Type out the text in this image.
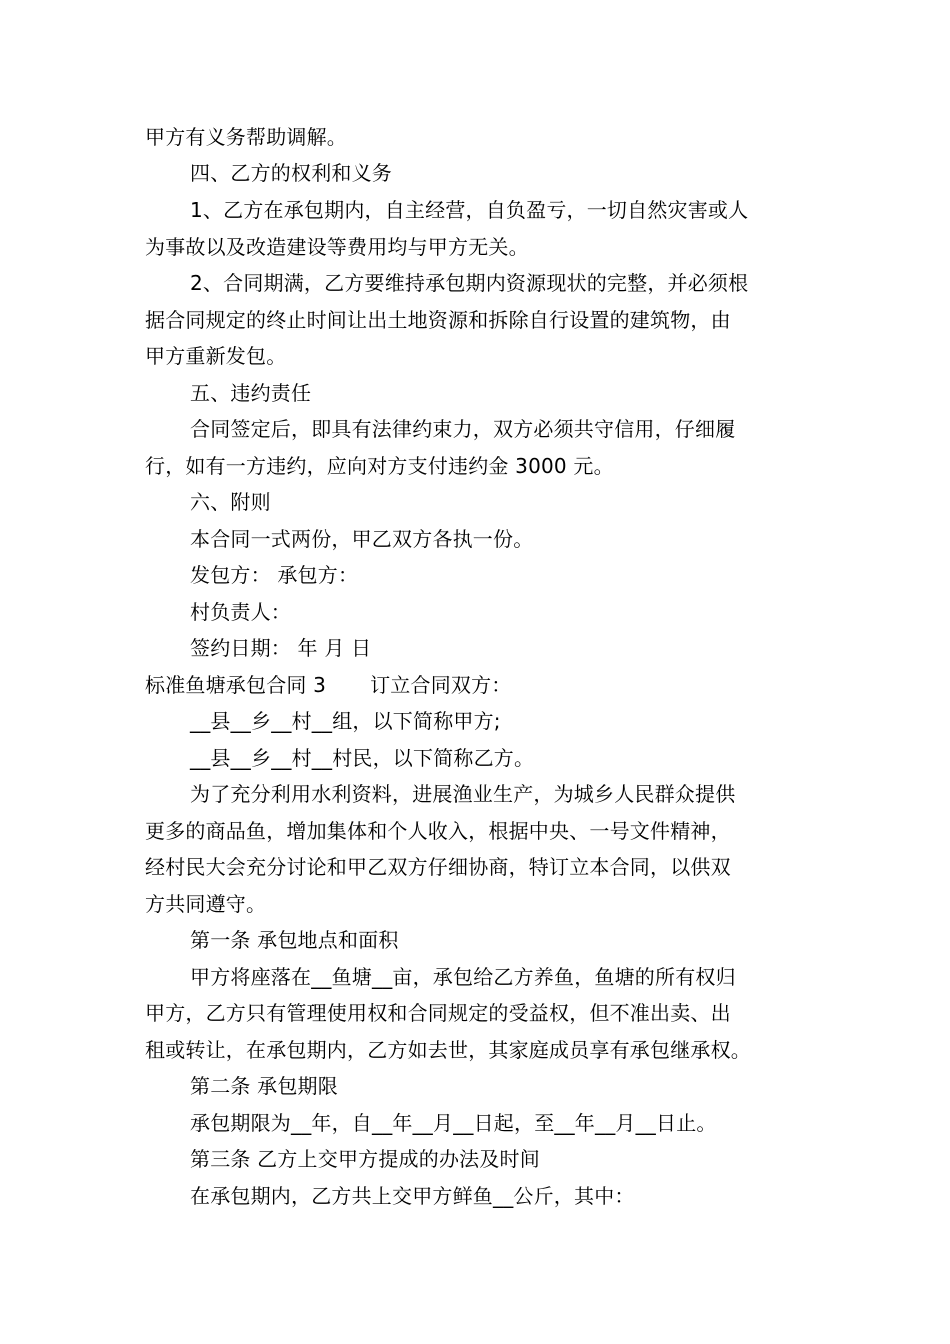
甲方有义务帮助调解。
四、乙方的权利和义务
1、乙方在承包期内，自主经营，自负盈亏，一切自然灾害或人
为事故以及改造建设等费用均与甲方无关。
2、合同期满，乙方要维持承包期内资源现状的完整，并必须根
据合同规定的终止时间让出土地资源和拆除自行设置的建筑物，由
甲方重新发包。
五、违约责任
合同签定后，即具有法律约束力，双方必须共守信用，仔细履
行，如有一方违约，应向对方支付违约金 3000 元。
六、附则
本合同一式两份，甲乙双方各执一份。
发包方： 承包方：
村负责人：
签约日期： 年 月 日
标准鱼塘承包合同 3 订立合同双方：
__县__乡__村__组，以下简称甲方;
__县__乡__村__村民，以下简称乙方。
为了充分利用水利资料，进展渔业生产，为城乡人民群众提供
更多的商品鱼，增加集体和个人收入，根据中央、一号文件精神，
经村民大会充分讨论和甲乙双方仔细协商，特订立本合同，以供双
方共同遵守。
第一条 承包地点和面积
甲方将座落在__鱼塘__亩，承包给乙方养鱼，鱼塘的所有权归
甲方，乙方只有管理使用权和合同规定的受益权，但不准出卖、出
租或转让，在承包期内，乙方如去世，其家庭成员享有承包继承权。
第二条 承包期限
承包期限为__年，自__年__月__日起，至__年__月__日止。
第三条 乙方上交甲方提成的办法及时间
在承包期内，乙方共上交甲方鲜鱼__公斤，其中：
